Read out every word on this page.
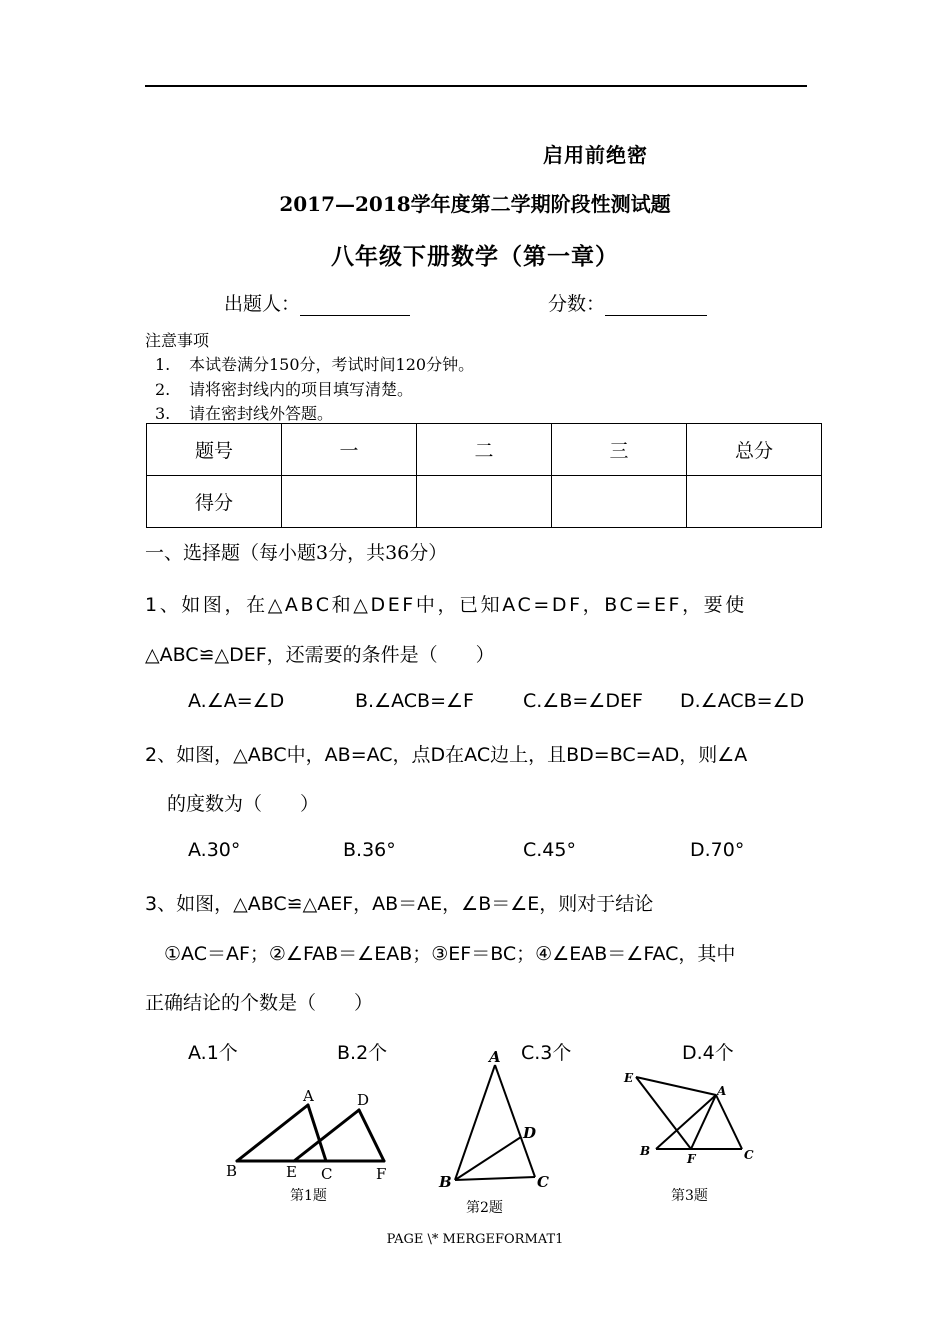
启用前绝密
2017—2018学年度第二学期阶段性测试题
八年级下册数学（第一章）
出题人：	分数：
注意事项
1. 本试卷满分150分，考试时间120分钟。
2. 请将密封线内的项目填写清楚。
3. 请在密封线外答题。
题号	一	二	三	总分
得分				
一、选择题（每小题3分，共36分）
1、如图，在△ABC和△DEF中，已知AC=DF，BC=EF，要使
△ABC≌△DEF，还需要的条件是（　　）
A.∠A=∠D	B.∠ACB=∠F	C.∠B=∠DEF D.∠ACB=∠D
2、如图，△ABC中，AB=AC，点D在AC边上，且BD=BC=AD，则∠A
的度数为（　　）
A.30°	B.36°	C.45°	D.70°
3、如图，△ABC≌△AEF，AB＝AE，∠B＝∠E，则对于结论
①AC＝AF；②∠FAB＝∠EAB；③EF＝BC；④∠EAB＝∠FAC，其中
正确结论的个数是（　　）
A.1个	B.2个	C.3个	D.4个
A	D
B	E C	F
第1题
A
D
B	C
第2题
E
A
B
F	C
第3题
PAGE \* MERGEFORMAT1
